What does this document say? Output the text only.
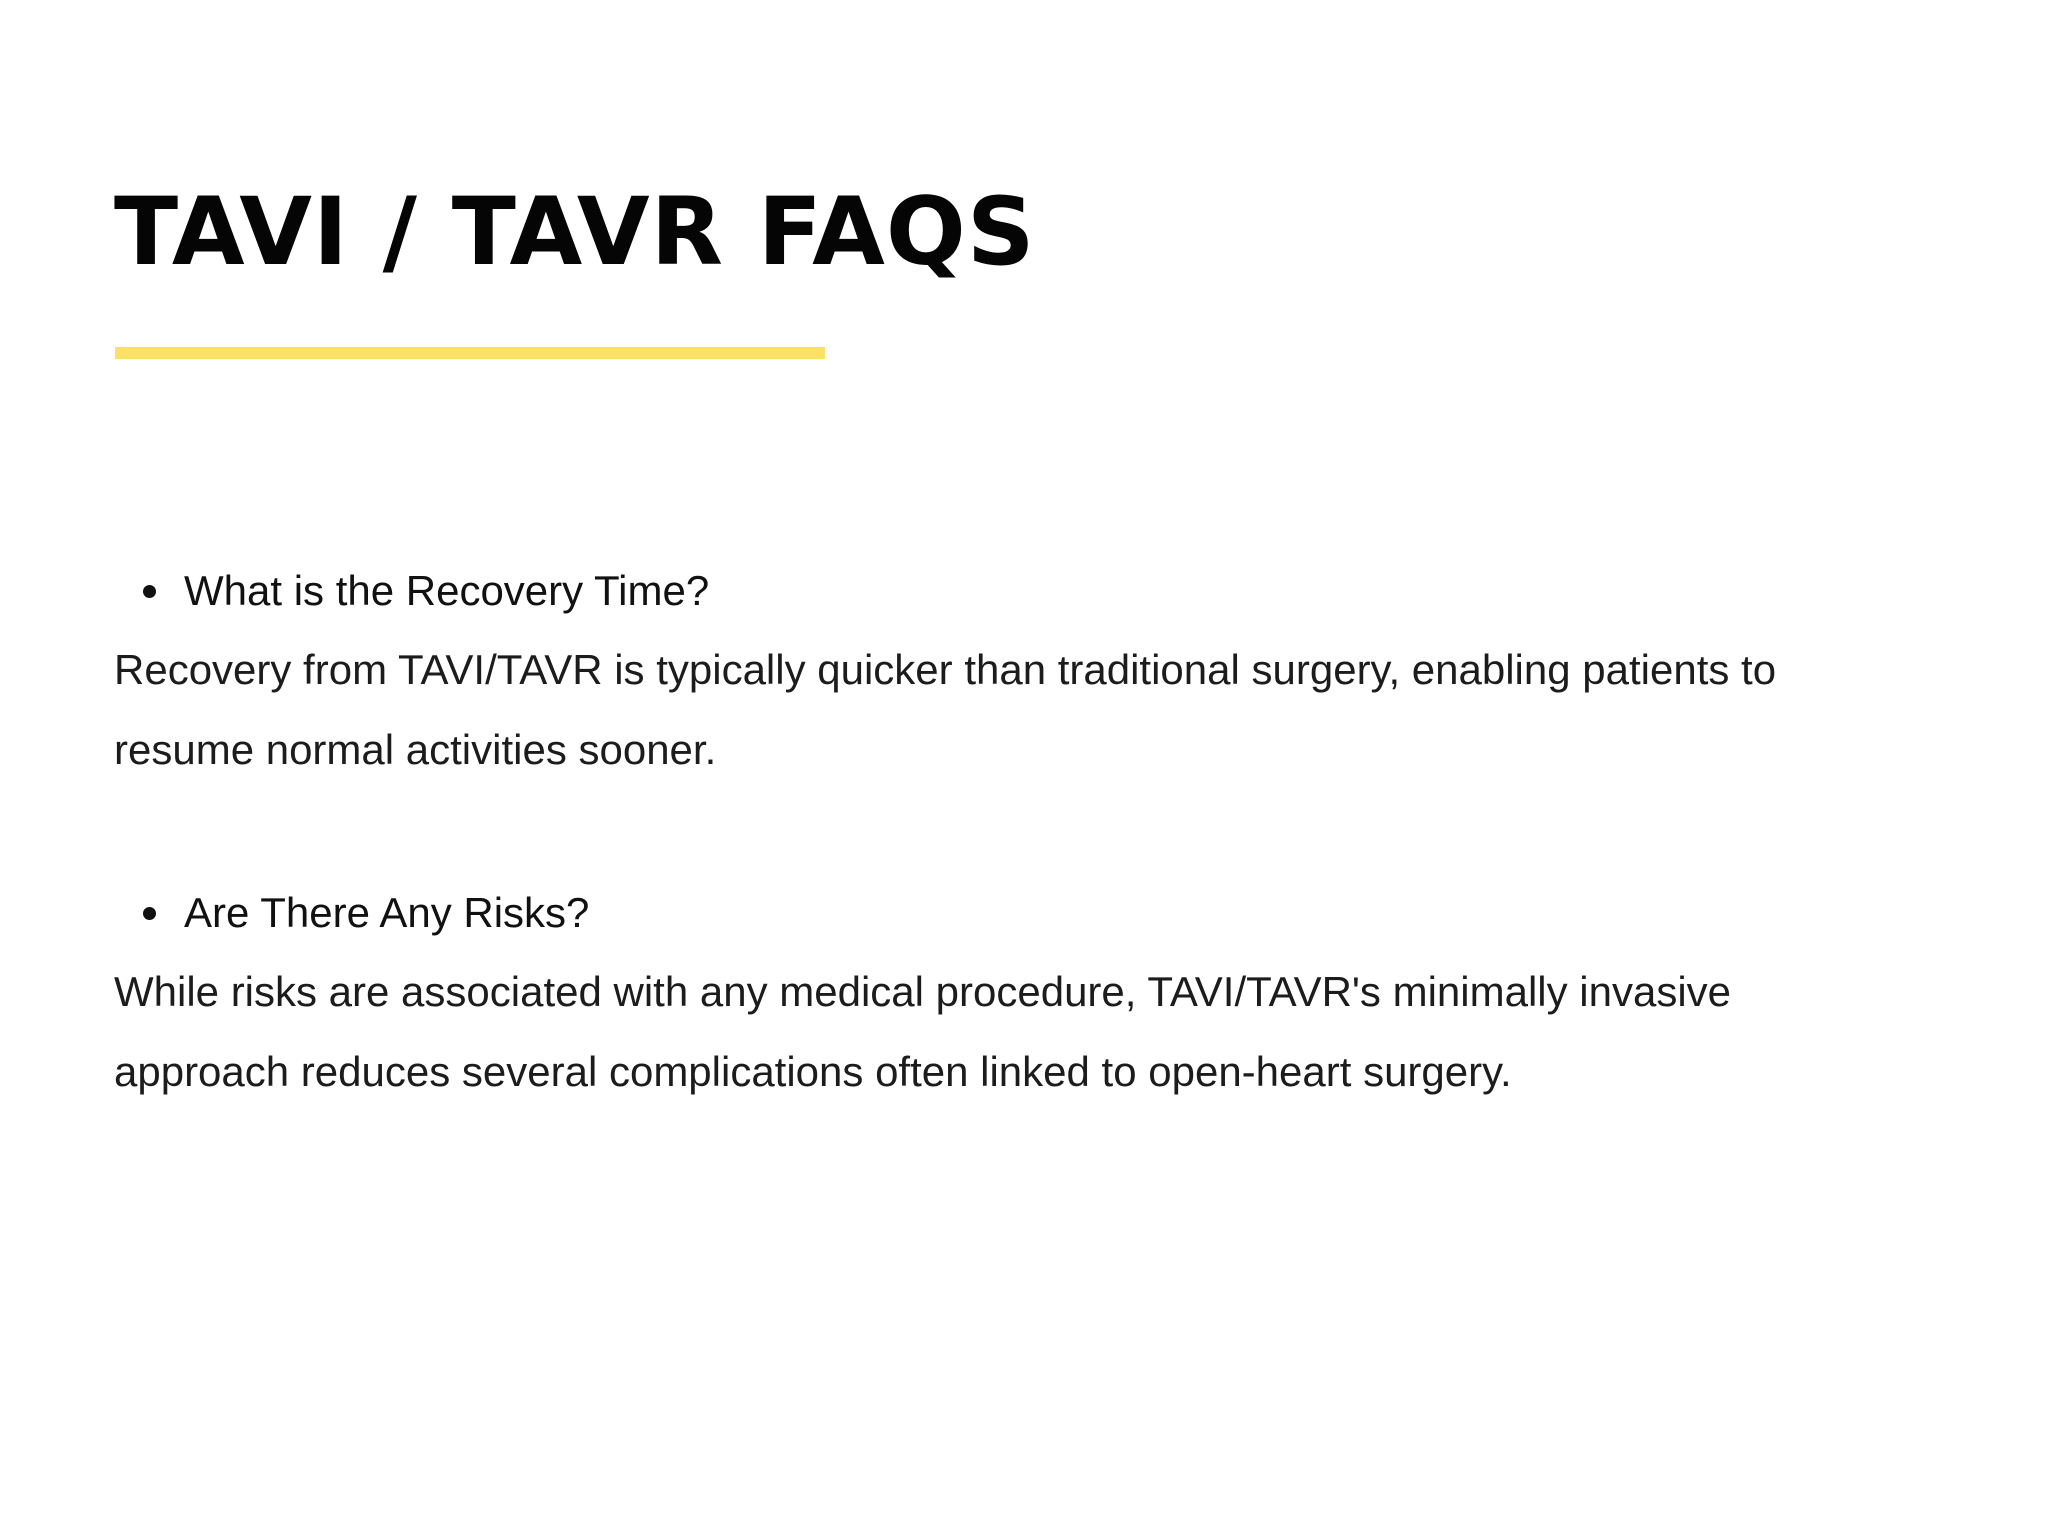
TAVI / TAVR FAQS
What is the Recovery Time?

Recovery from TAVI/TAVR is typically quicker than traditional surgery, enabling patients to
resume normal activities sooner.

Are There Any Risks?

While risks are associated with any medical procedure, TAVI/TAVR's minimally invasive
approach reduces several complications often linked to open-heart surgery.
